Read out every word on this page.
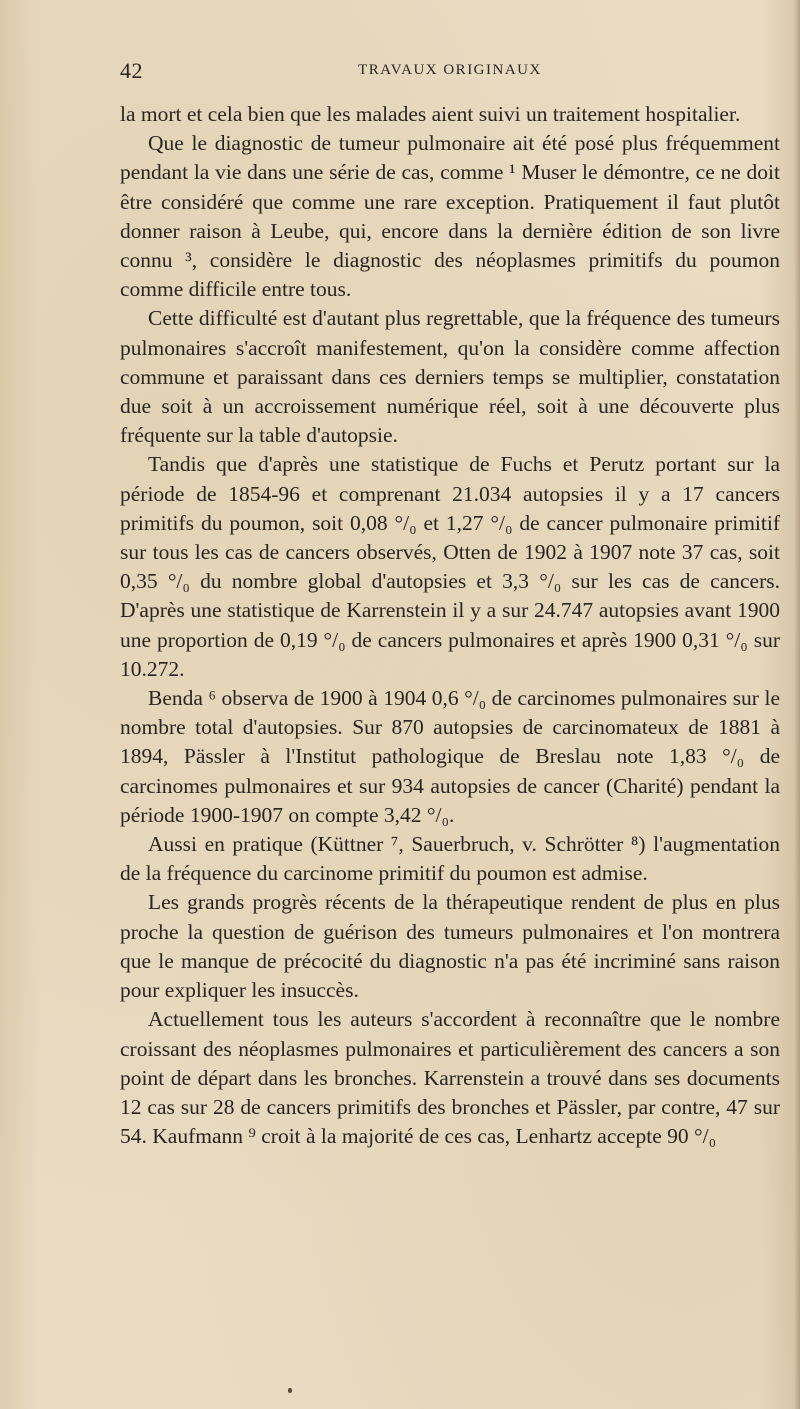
42	TRAVAUX ORIGINAUX

la mort et cela bien que les malades aient suivi un traitement hospitalier.

Que le diagnostic de tumeur pulmonaire ait été posé plus fréquemment pendant la vie dans une série de cas, comme ¹ Muser le démontre, ce ne doit être considéré que comme une rare exception. Pratiquement il faut plutôt donner raison à Leube, qui, encore dans la dernière édition de son livre connu ³, considère le diagnostic des néoplasmes primitifs du poumon comme difficile entre tous.

Cette difficulté est d'autant plus regrettable, que la fréquence des tumeurs pulmonaires s'accroît manifestement, qu'on la considère comme affection commune et paraissant dans ces derniers temps se multiplier, constatation due soit à un accroissement numérique réel, soit à une découverte plus fréquente sur la table d'autopsie.

Tandis que d'après une statistique de Fuchs et Perutz portant sur la période de 1854-96 et comprenant 21.034 autopsies il y a 17 cancers primitifs du poumon, soit 0,08 °/₀ et 1,27 °/₀ de cancer pulmonaire primitif sur tous les cas de cancers observés, Otten de 1902 à 1907 note 37 cas, soit 0,35 °/₀ du nombre global d'autopsies et 3,3 °/₀ sur les cas de cancers. D'après une statistique de Karrenstein il y a sur 24.747 autopsies avant 1900 une proportion de 0,19 °/₀ de cancers pulmonaires et après 1900 0,31 °/₀ sur 10.272.

Benda ⁶ observa de 1900 à 1904 0,6 °/₀ de carcinomes pulmonaires sur le nombre total d'autopsies. Sur 870 autopsies de carcinomateux de 1881 à 1894, Pässler à l'Institut pathologique de Breslau note 1,83 °/₀ de carcinomes pulmonaires et sur 934 autopsies de cancer (Charité) pendant la période 1900-1907 on compte 3,42 °/₀.

Aussi en pratique (Küttner ⁷, Sauerbruch, v. Schrötter ⁸) l'augmentation de la fréquence du carcinome primitif du poumon est admise.

Les grands progrès récents de la thérapeutique rendent de plus en plus proche la question de guérison des tumeurs pulmonaires et l'on montrera que le manque de précocité du diagnostic n'a pas été incriminé sans raison pour expliquer les insuccès.

Actuellement tous les auteurs s'accordent à reconnaître que le nombre croissant des néoplasmes pulmonaires et particulièrement des cancers a son point de départ dans les bronches. Karrenstein a trouvé dans ses documents 12 cas sur 28 de cancers primitifs des bronches et Pässler, par contre, 47 sur 54. Kaufmann ⁹ croit à la majorité de ces cas, Lenhartz accepte 90 °/₀
